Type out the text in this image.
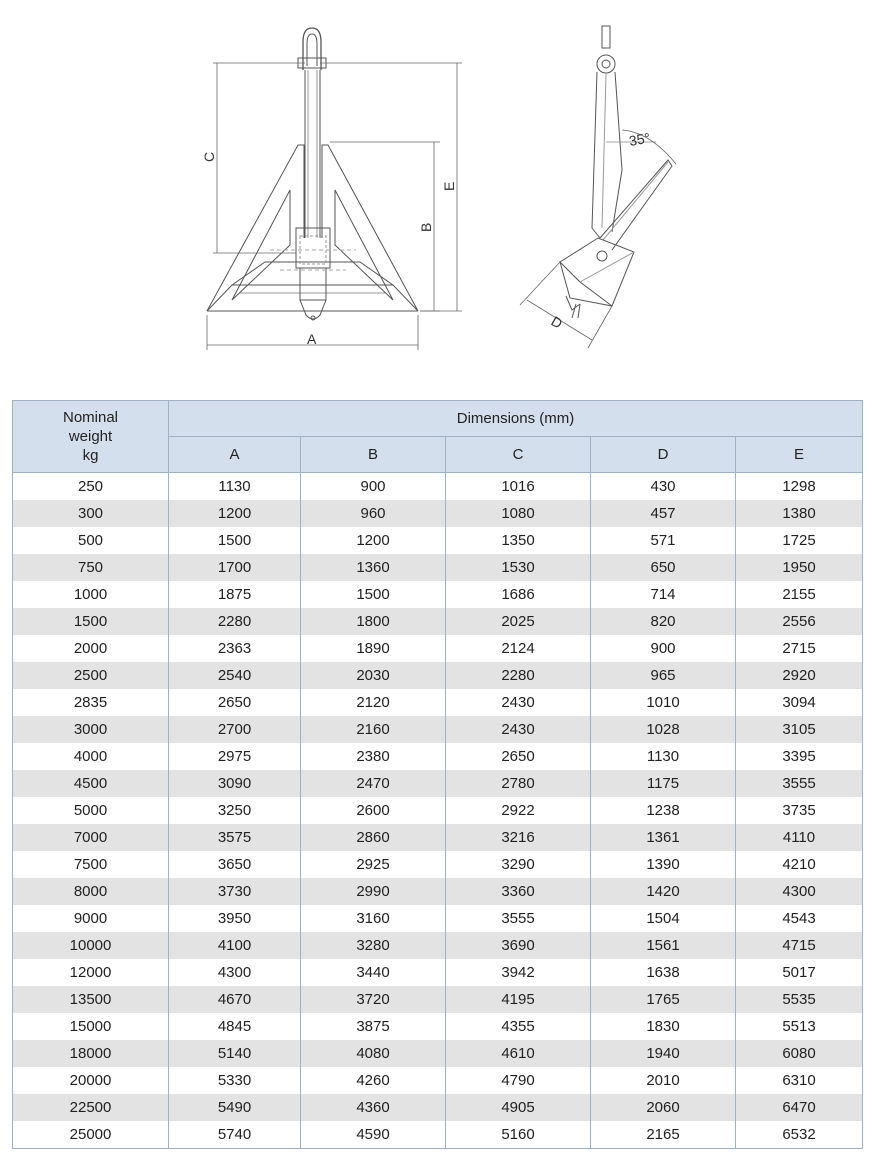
A
C
B
E
35°
D
Nominal
weight
kg	Dimensions (mm)				
	A	B	C	D	E
250	1130	900	1016	430	1298
300	1200	960	1080	457	1380
500	1500	1200	1350	571	1725
750	1700	1360	1530	650	1950
1000	1875	1500	1686	714	2155
1500	2280	1800	2025	820	2556
2000	2363	1890	2124	900	2715
2500	2540	2030	2280	965	2920
2835	2650	2120	2430	1010	3094
3000	2700	2160	2430	1028	3105
4000	2975	2380	2650	1130	3395
4500	3090	2470	2780	1175	3555
5000	3250	2600	2922	1238	3735
7000	3575	2860	3216	1361	4110
7500	3650	2925	3290	1390	4210
8000	3730	2990	3360	1420	4300
9000	3950	3160	3555	1504	4543
10000	4100	3280	3690	1561	4715
12000	4300	3440	3942	1638	5017
13500	4670	3720	4195	1765	5535
15000	4845	3875	4355	1830	5513
18000	5140	4080	4610	1940	6080
20000	5330	4260	4790	2010	6310
22500	5490	4360	4905	2060	6470
25000	5740	4590	5160	2165	6532
